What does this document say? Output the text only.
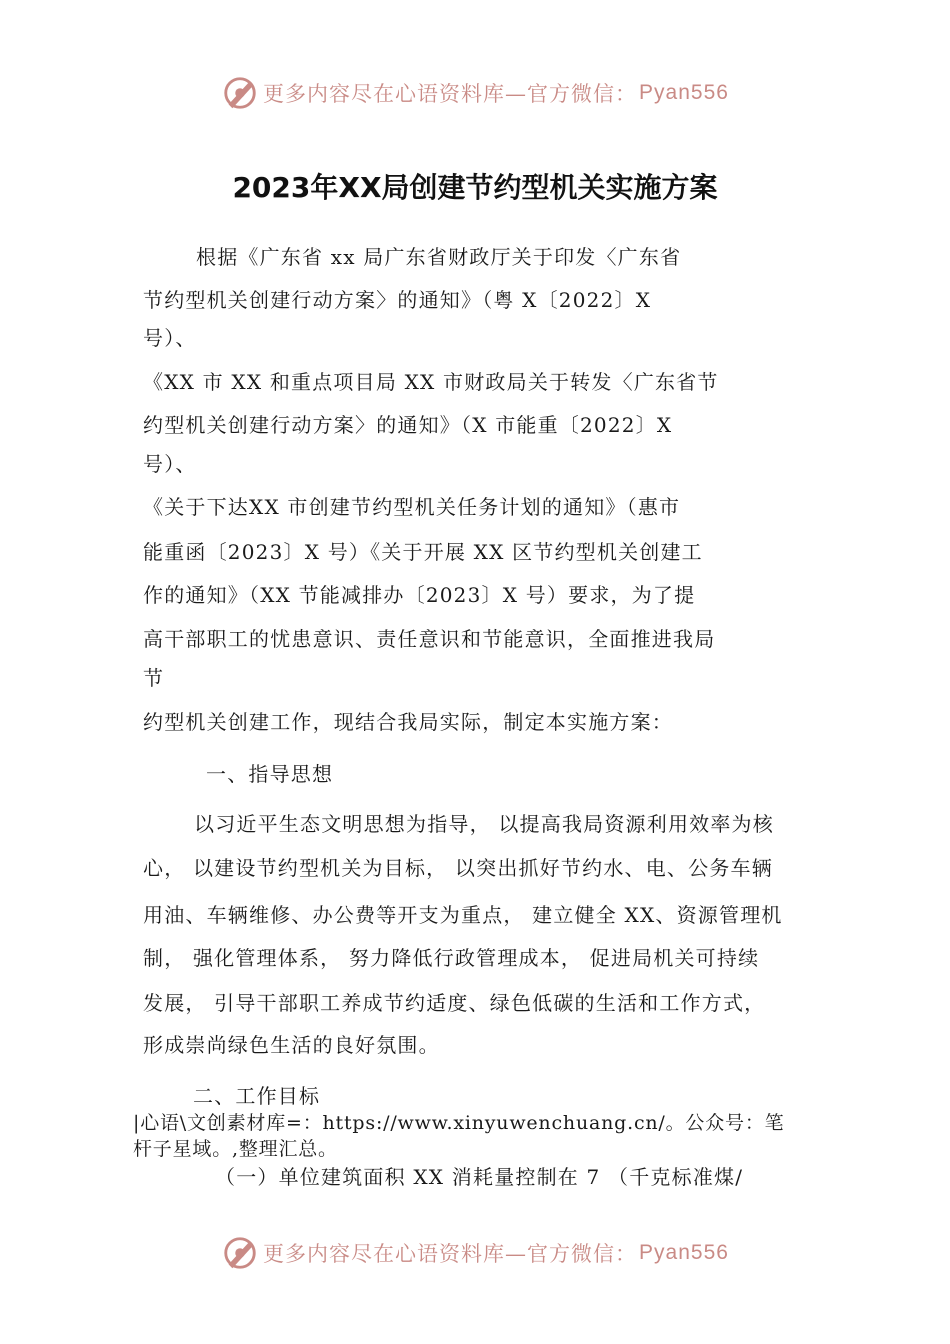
更多内容尽在心语资料库—官方微信： Pyan556
2023年XX局创建节约型机关实施方案
根据《广东省 xx 局广东省财政厅关于印发〈广东省
节约型机关创建行动方案〉的通知》（粤 X〔2022〕X
号）、
《XX 市 XX 和重点项目局 XX 市财政局关于转发〈广东省节
约型机关创建行动方案〉的通知》（X 市能重〔2022〕X
号）、
《关于下达XX 市创建节约型机关任务计划的通知》（惠市
能重函〔2023〕X 号）《关于开展 XX 区节约型机关创建工
作的通知》（XX 节能减排办〔2023〕X 号）要求，为了提
高干部职工的忧患意识、责任意识和节能意识，全面推进我局
节
约型机关创建工作，现结合我局实际，制定本实施方案：
一、指导思想
以习近平生态文明思想为指导， 以提高我局资源利用效率为核
心， 以建设节约型机关为目标， 以突出抓好节约水、电、公务车辆
用油、车辆维修、办公费等开支为重点， 建立健全 XX、资源管理机
制， 强化管理体系， 努力降低行政管理成本， 促进局机关可持续
发展， 引导干部职工养成节约适度、绿色低碳的生活和工作方式，
形成崇尚绿色生活的良好氛围。
二、工作目标
|心语\文创素材库=：https://www.xinyuwenchuang.cn/。公众号：笔
杆子星域。,整理汇总。
（一）单位建筑面积 XX 消耗量控制在 7 （千克标准煤/
更多内容尽在心语资料库—官方微信： Pyan556
